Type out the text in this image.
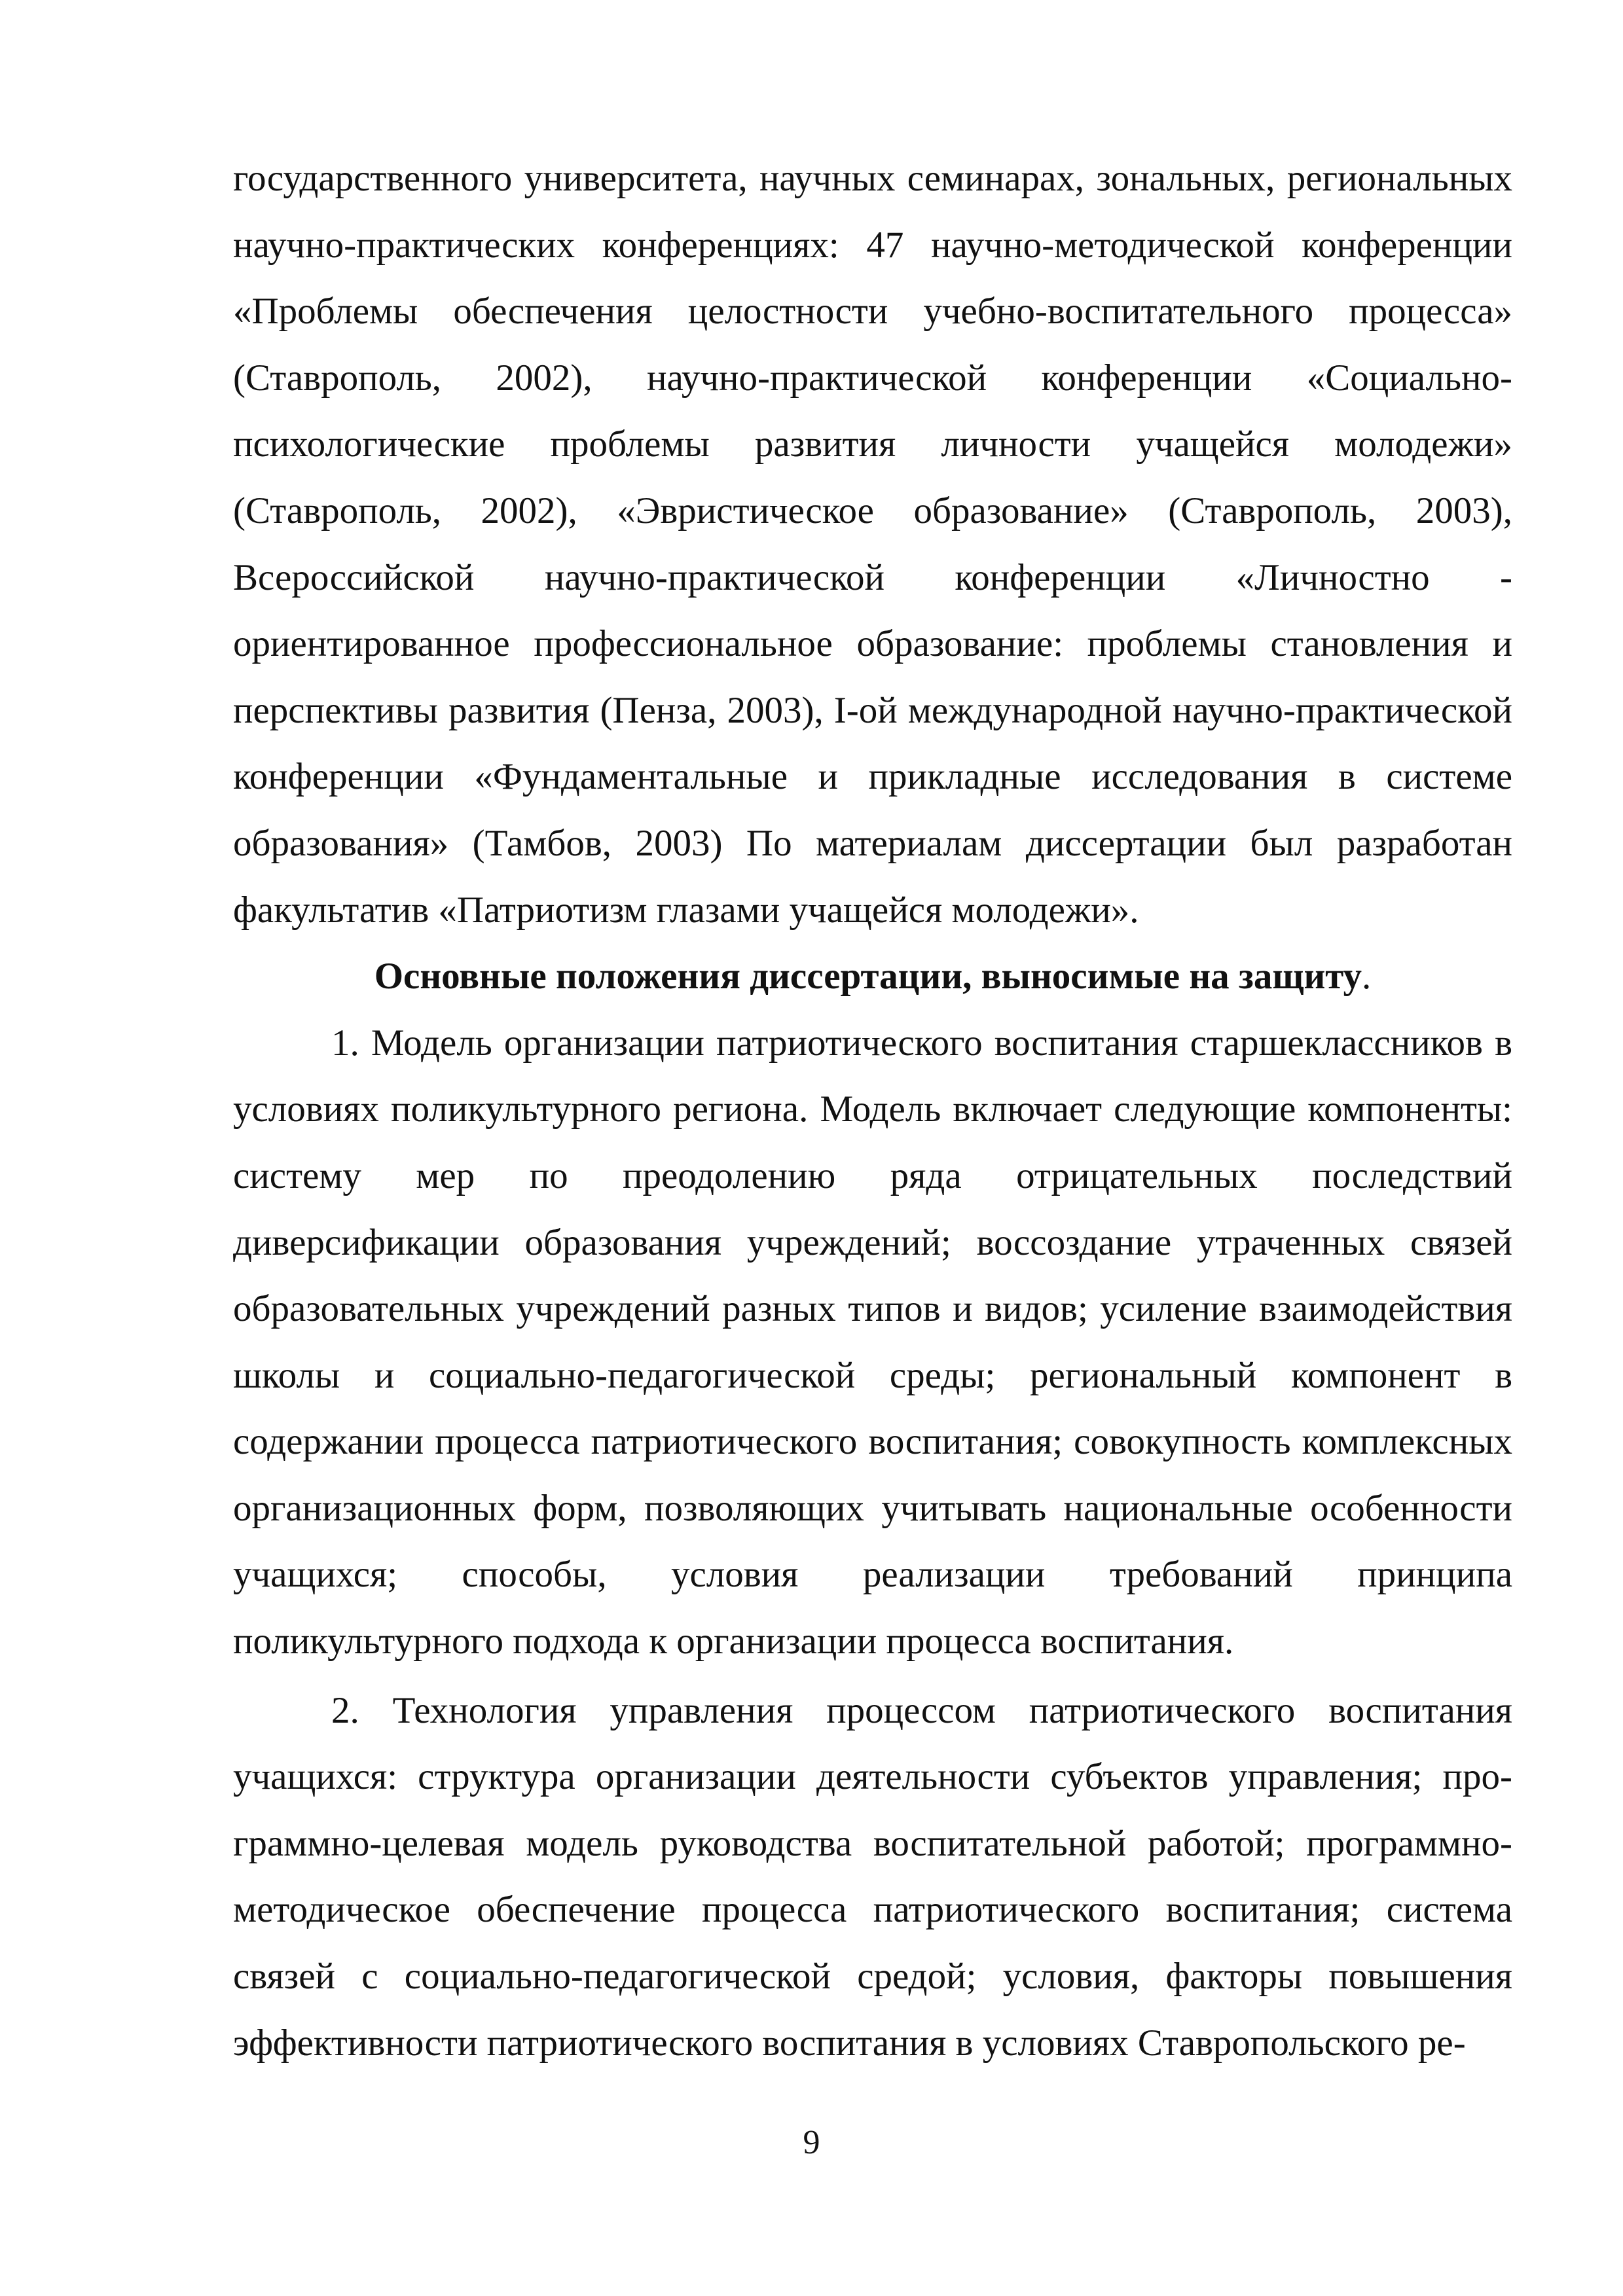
государственного университета, научных семинарах, зональных, региональных научно-практических конференциях: 47 научно-методической конференции «Проблемы обеспечения целостности учебно-воспитательного процесса» (Ставрополь, 2002), научно-практической конференции «Социально-психологические проблемы развития личности учащейся молодежи» (Ставрополь, 2002), «Эвристическое образование» (Ставрополь, 2003), Всероссийской научно-практической конференции «Личностно - ориентированное профессиональное образование: проблемы становления и перспективы развития (Пенза, 2003), I-ой международной научно-практической конференции «Фундаментальные и прикладные исследования в системе образования» (Тамбов, 2003) По материалам диссертации был разработан факультатив «Патриотизм глазами учащейся молодежи».

Основные положения диссертации, выносимые на защиту.

1. Модель организации патриотического воспитания старшеклассников в условиях поликультурного региона. Модель включает следующие компоненты: систему мер по преодолению ряда отрицательных последствий диверсификации образования учреждений; воссоздание утраченных связей образовательных учреждений разных типов и видов; усиление взаимодействия школы и социально-педагогической среды; региональный компонент в содержании процесса патриотического воспитания; совокупность комплексных организационных форм, позволяющих учитывать национальные особенности учащихся; способы, условия реализации требований принципа поликультурного подхода к организации процесса воспитания.

2. Технология управления процессом патриотического воспитания учащихся: структура организации деятельности субъектов управления; про-граммно-целевая модель руководства воспитательной работой; программно-методическое обеспечение процесса патриотического воспитания; система связей с социально-педагогической средой; условия, факторы повышения эффективности патриотического воспитания в условиях Ставропольского ре-

9
